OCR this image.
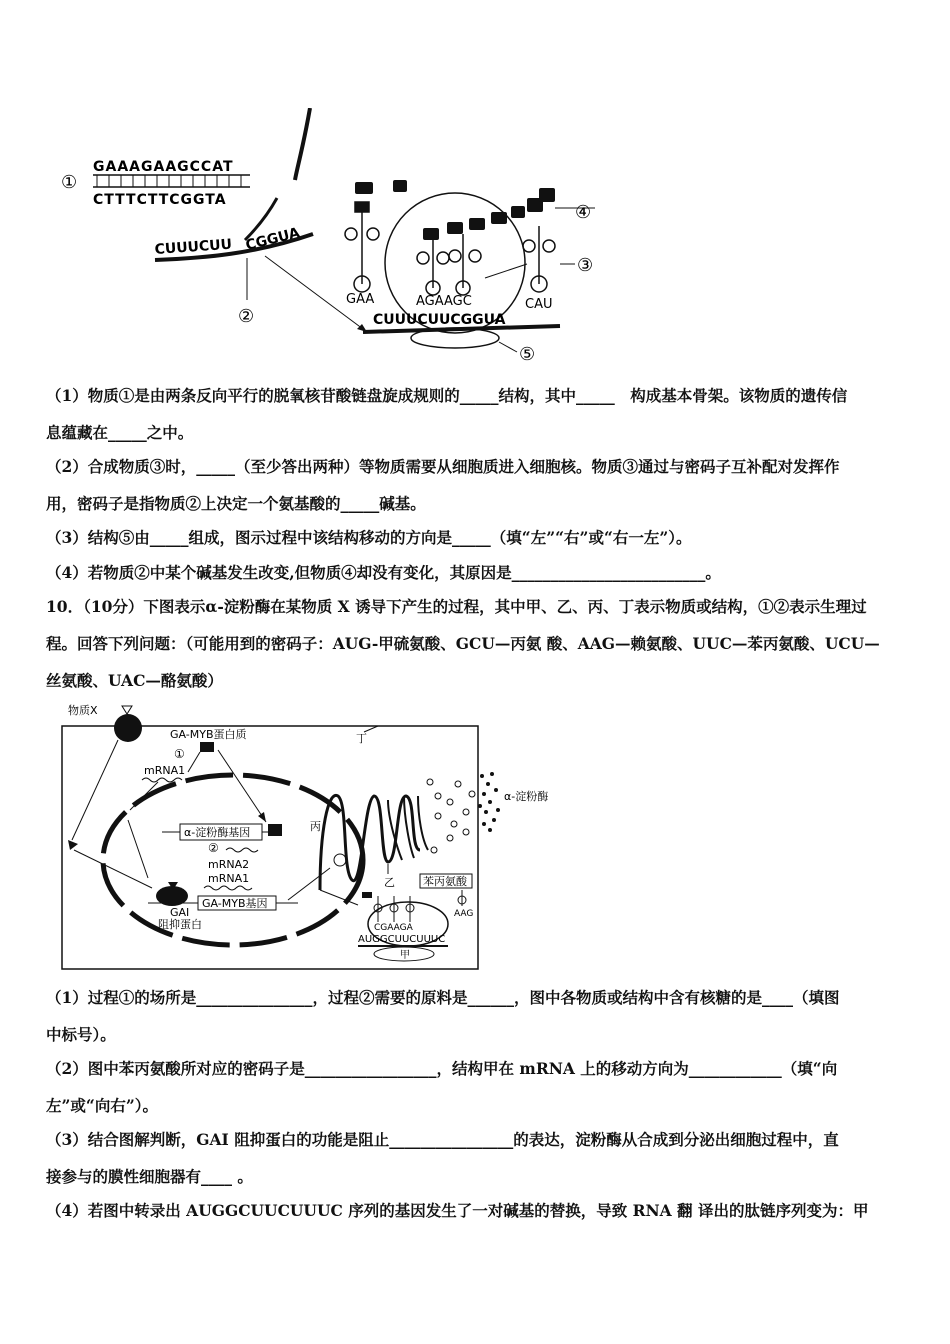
①
GAAAGAAGCCAT
CTTTCTTCGGTA
CUUUCUU CGGUA
②
④
GAA	AGAAGC	CAU
③
CUUUCUUCGGUA
⑤
（1）物质①是由两条反向平行的脱氧核苷酸链盘旋成规则的_____结构，其中_____　构成基本骨架。该物质的遗传信
息蕴藏在_____之中。
（2）合成物质③时，_____（至少答出两种）等物质需要从细胞质进入细胞核。物质③通过与密码子互补配对发挥作
用，密码子是指物质②上决定一个氨基酸的_____碱基。
（3）结构⑤由_____组成，图示过程中该结构移动的方向是_____（填“左”“右”或“右一左”）。
（4）若物质②中某个碱基发生改变,但物质④却没有变化，其原因是_________________________。
10．（10分）下图表示α-淀粉酶在某物质 X 诱导下产生的过程，其中甲、乙、丙、丁表示物质或结构，①②表示生理过
程。回答下列问题：（可能用到的密码子：AUG-甲硫氨酸、GCU—丙氨 酸、AAG—赖氨酸、UUC—苯丙氨酸、UCU—
丝氨酸、UAC—酪氨酸）
物质X
GA-MYB蛋白质
①
mRNA1
α-淀粉酶基因
②
mRNA2
mRNA1
GA-MYB基因
GAI
阻抑蛋白
丙
乙
丁
α-淀粉酶
苯丙氨酸
AAG
CGAAGA
AUGGCUUCUUUC
甲
（1）过程①的场所是_______________，过程②需要的原料是______，图中各物质或结构中含有核糖的是____（填图
中标号）。
（2）图中苯丙氨酸所对应的密码子是_________________，结构甲在 mRNA 上的移动方向为____________（填“向
左”或“向右”）。
（3）结合图解判断，GAI 阻抑蛋白的功能是阻止________________的表达，淀粉酶从合成到分泌出细胞过程中，直
接参与的膜性细胞器有____ 。
（4）若图中转录出 AUGGCUUCUUUC 序列的基因发生了一对碱基的替换，导致 RNA 翻 译出的肽链序列变为：甲
